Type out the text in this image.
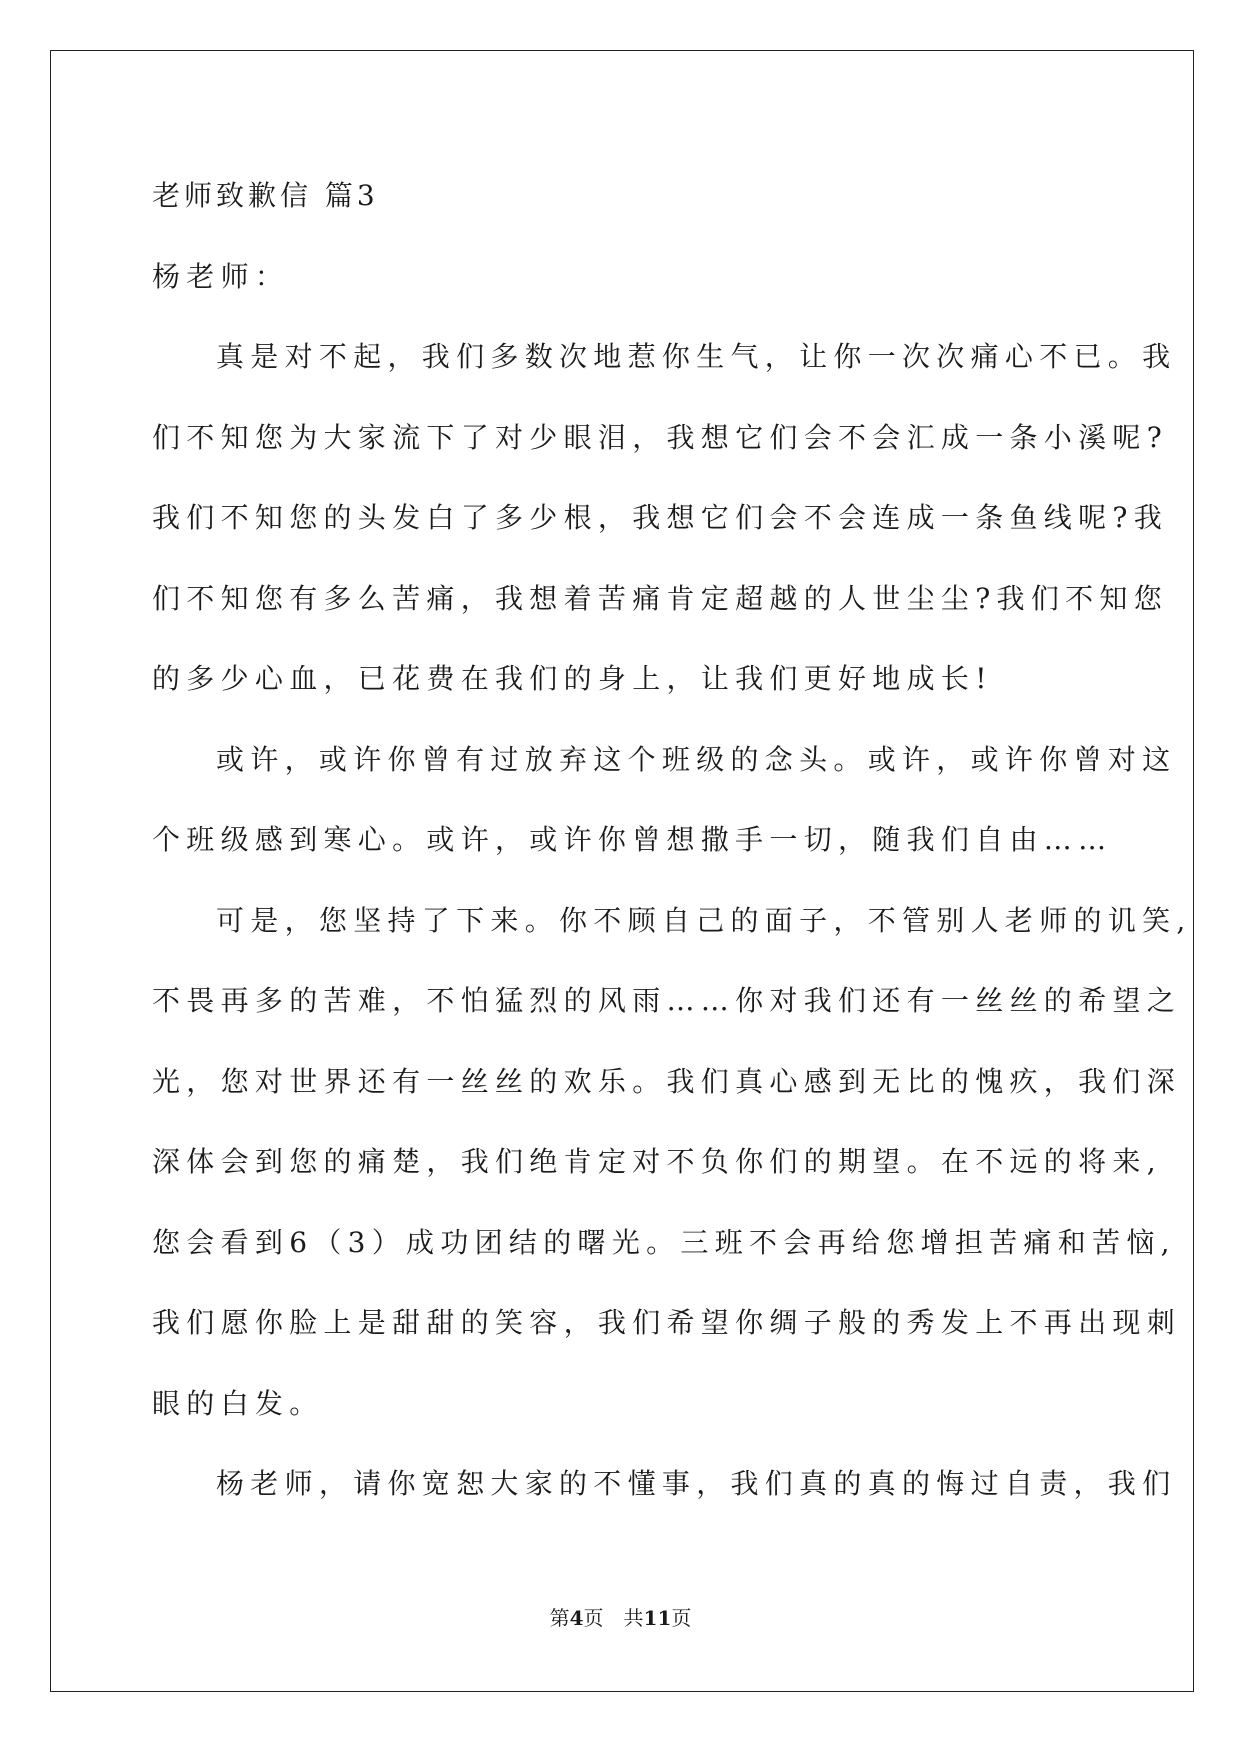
老师致歉信 篇3

杨老师：

真是对不起，我们多数次地惹你生气，让你一次次痛心不已。我

们不知您为大家流下了对少眼泪，我想它们会不会汇成一条小溪呢?

我们不知您的头发白了多少根，我想它们会不会连成一条鱼线呢?我

们不知您有多么苦痛，我想着苦痛肯定超越的人世尘尘?我们不知您

的多少心血，已花费在我们的身上，让我们更好地成长!

或许，或许你曾有过放弃这个班级的念头。或许，或许你曾对这

个班级感到寒心。或许，或许你曾想撒手一切，随我们自由……

可是，您坚持了下来。你不顾自己的面子，不管别人老师的讥笑,

不畏再多的苦难，不怕猛烈的风雨……你对我们还有一丝丝的希望之

光，您对世界还有一丝丝的欢乐。我们真心感到无比的愧疚，我们深

深体会到您的痛楚，我们绝肯定对不负你们的期望。在不远的将来,

您会看到6（3）成功团结的曙光。三班不会再给您增担苦痛和苦恼,

我们愿你脸上是甜甜的笑容，我们希望你绸子般的秀发上不再出现刺

眼的白发。

杨老师，请你宽恕大家的不懂事，我们真的真的悔过自责，我们

第4页　共11页
